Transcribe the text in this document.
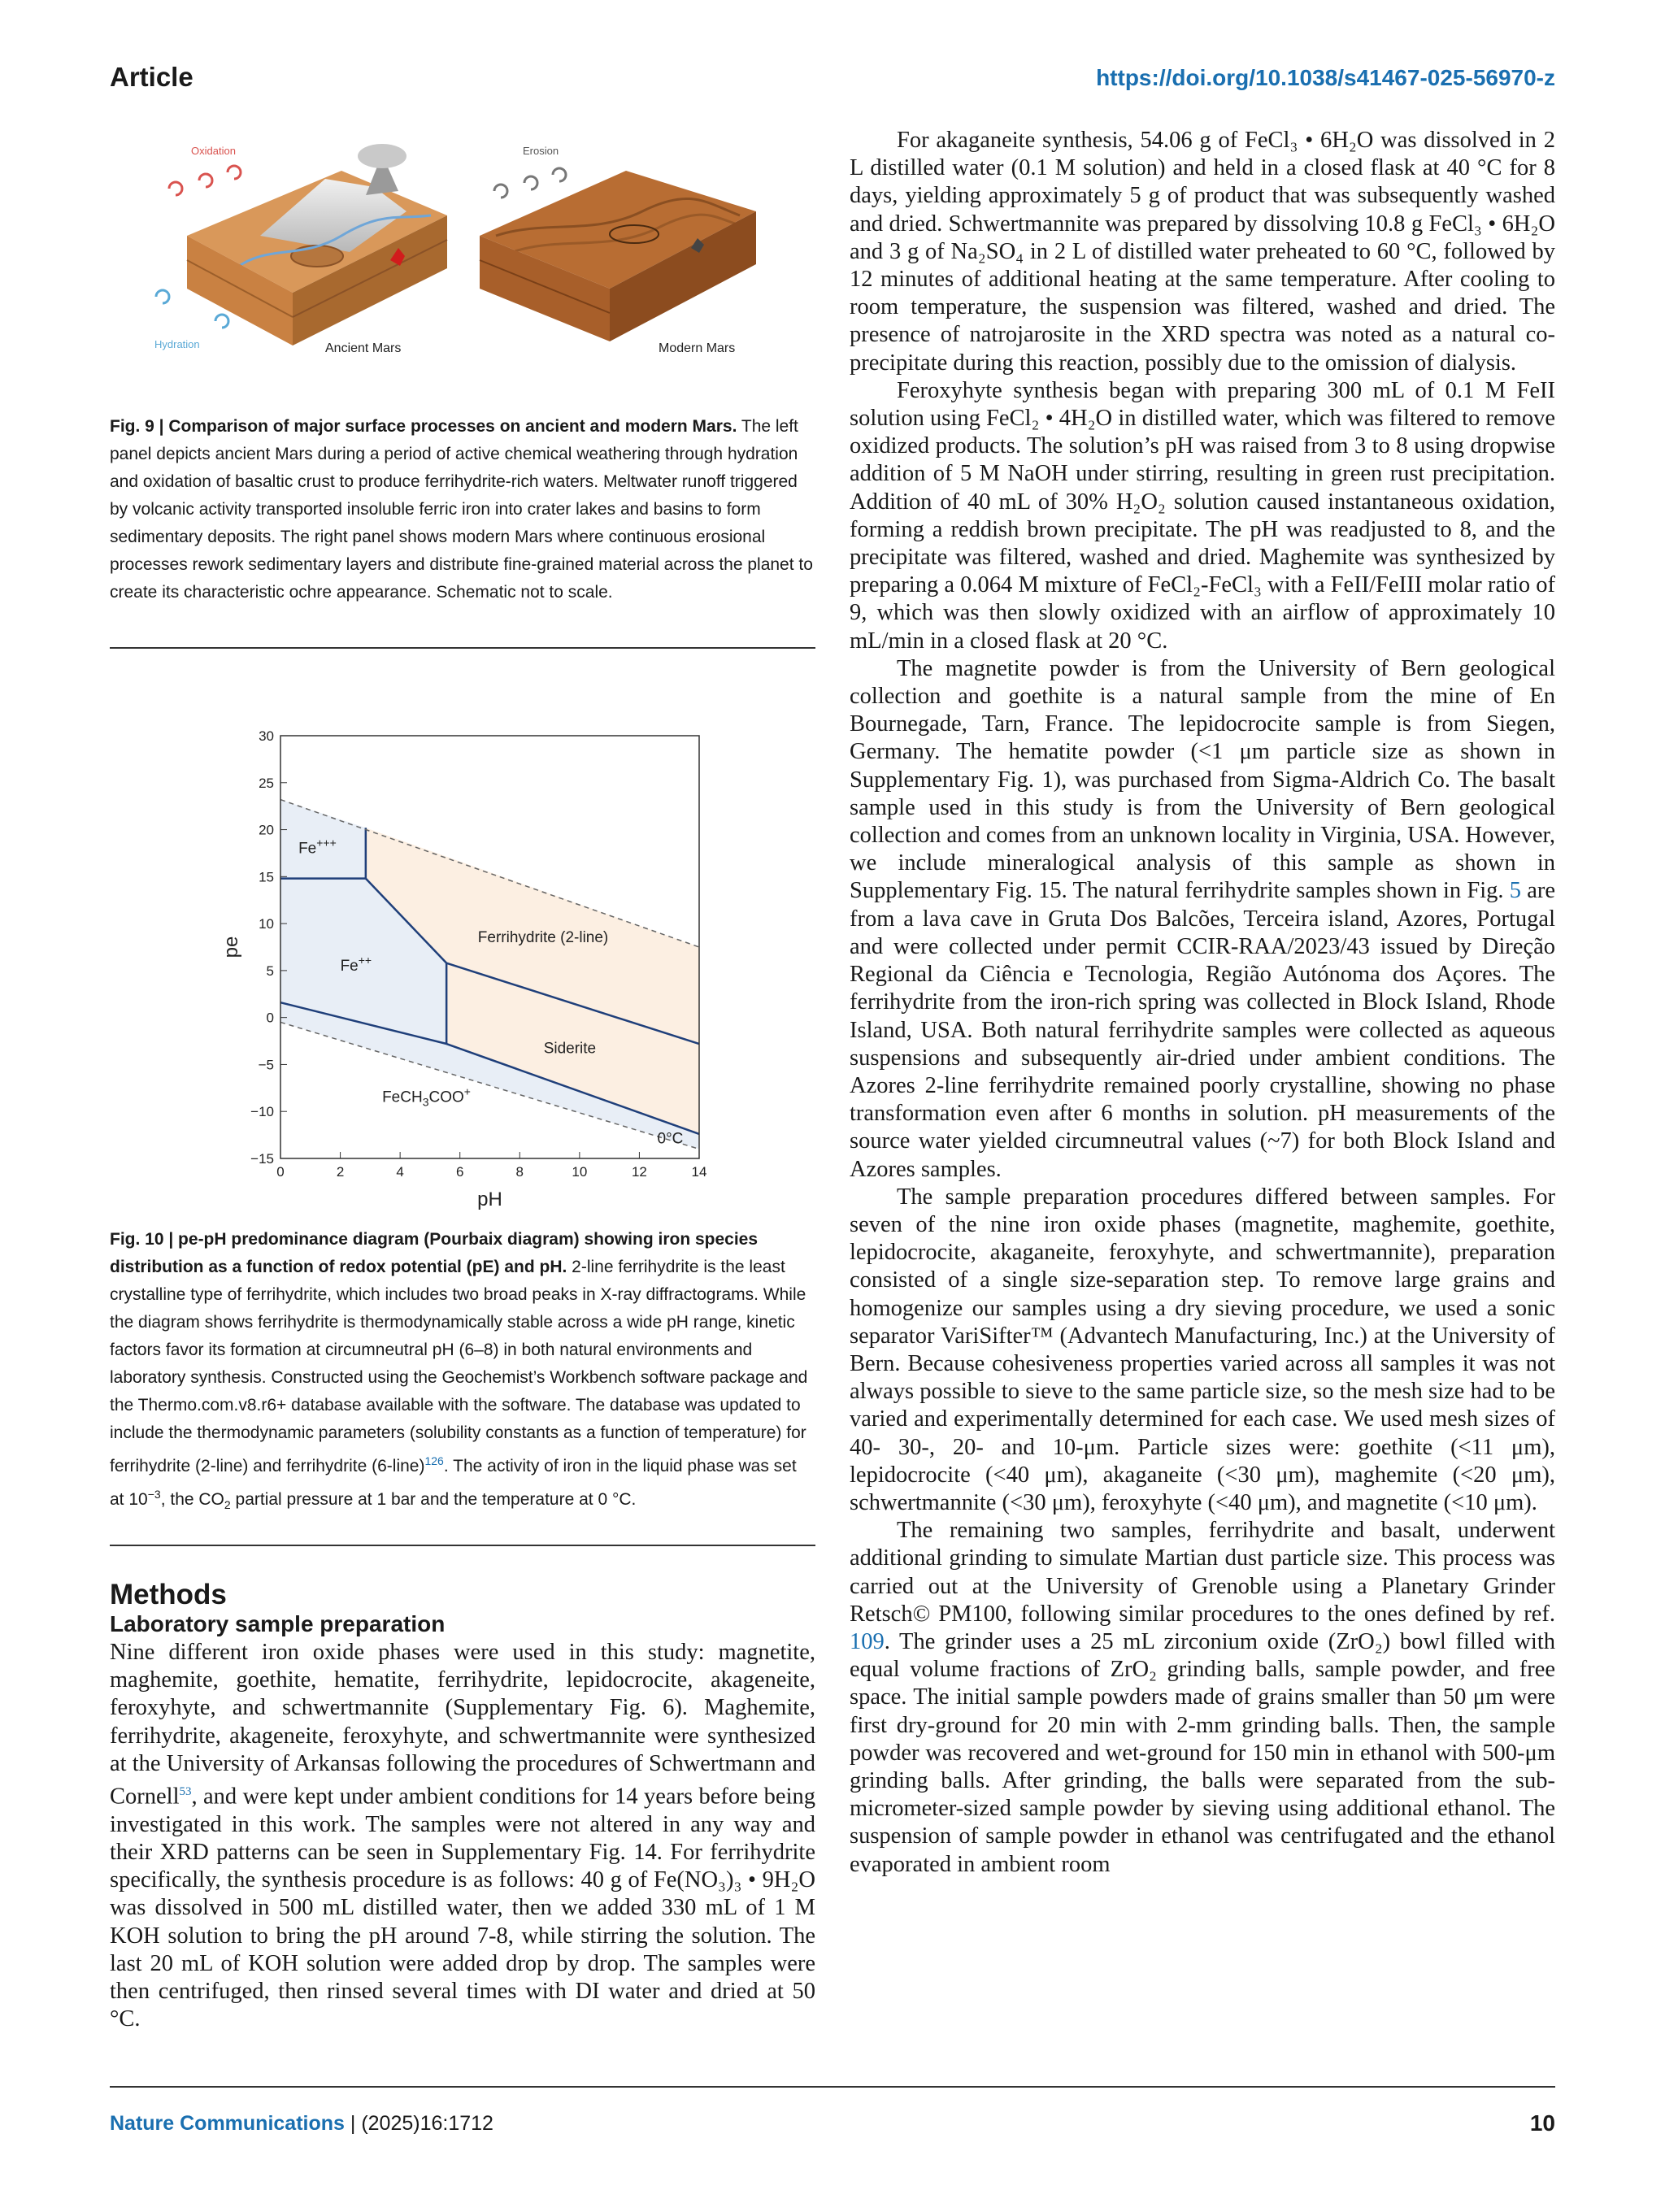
Article	https://doi.org/10.1038/s41467-025-56970-z
Oxidation	Erosion
Hydration	Ancient Mars	Modern Mars

Fig. 9 | Comparison of major surface processes on ancient and modern Mars. The left panel depicts ancient Mars during a period of active chemical weathering through hydration and oxidation of basaltic crust to produce ferrihydrite-rich waters. Meltwater runoff triggered by volcanic activity transported insoluble ferric iron into crater lakes and basins to form sedimentary deposits. The right panel shows modern Mars where continuous erosional processes rework sedimentary layers and distribute fine-grained material across the planet to create its characteristic ochre appearance. Schematic not to scale.

30
25
20
15
10
5
0
−5
−10
−15
0	2	4	6	8	10	12	14
pH
pe
Fe+++
Fe++
Ferrihydrite (2-line)
Siderite
FeCH$_3$COO+
0°C

Fig. 10 | pe-pH predominance diagram (Pourbaix diagram) showing iron species distribution as a function of redox potential (pE) and pH. 2-line ferrihydrite is the least crystalline type of ferrihydrite, which includes two broad peaks in X-ray diffractograms. While the diagram shows ferrihydrite is thermodynamically stable across a wide pH range, kinetic factors favor its formation at circumneutral pH (6–8) in both natural environments and laboratory synthesis. Constructed using the Geochemist’s Workbench software package and the Thermo.com.v8.r6+ database available with the software. The database was updated to include the thermodynamic parameters (solubility constants as a function of temperature) for ferrihydrite (2-line) and ferrihydrite (6-line)$^{126}$. The activity of iron in the liquid phase was set at $10^{-3}$, the $CO_2$ partial pressure at 1 bar and the temperature at 0 °C.

Methods

Laboratory sample preparation

Nine different iron oxide phases were used in this study: magnetite, maghemite, goethite, hematite, ferrihydrite, lepidocrocite, akageneite, feroxyhyte, and schwertmannite (Supplementary Fig. 6). Maghemite, ferrihydrite, akageneite, feroxyhyte, and schwertmannite were synthesized at the University of Arkansas following the procedures of Schwertmann and Cornell$^{53}$, and were kept under ambient conditions for 14 years before being investigated in this work. The samples were not altered in any way and their XRD patterns can be seen in Supplementary Fig. 14. For ferrihydrite specifically, the synthesis procedure is as follows: 40 g of Fe(NO₃)₃ • 9H₂O was dissolved in 500 mL distilled water, then we added 330 mL of 1 M KOH solution to bring the pH around 7-8, while stirring the solution. The last 20 mL of KOH solution were added drop by drop. The samples were then centrifuged, then rinsed several times with DI water and dried at 50 °C.

For akaganeite synthesis, 54.06 g of FeCl₃ • 6H₂O was dissolved in 2 L distilled water (0.1 M solution) and held in a closed flask at 40 °C for 8 days, yielding approximately 5 g of product that was subsequently washed and dried. Schwertmannite was prepared by dissolving 10.8 g FeCl₃ • 6H₂O and 3 g of Na₂SO₄ in 2 L of distilled water preheated to 60 °C, followed by 12 minutes of additional heating at the same temperature. After cooling to room temperature, the suspension was filtered, washed and dried. The presence of natrojarosite in the XRD spectra was noted as a natural co-precipitate during this reaction, possibly due to the omission of dialysis.

Feroxyhyte synthesis began with preparing 300 mL of 0.1 M FeII solution using FeCl₂ • 4H₂O in distilled water, which was filtered to remove oxidized products. The solution’s pH was raised from 3 to 8 using dropwise addition of 5 M NaOH under stirring, resulting in green rust precipitation. Addition of 40 mL of 30% H₂O₂ solution caused instantaneous oxidation, forming a reddish brown precipitate. The pH was readjusted to 8, and the precipitate was filtered, washed and dried. Maghemite was synthesized by preparing a 0.064 M mixture of FeCl₂-FeCl₃ with a FeII/FeIII molar ratio of 9, which was then slowly oxidized with an airflow of approximately 10 mL/min in a closed flask at 20 °C.

The magnetite powder is from the University of Bern geological collection and goethite is a natural sample from the mine of En Bournegade, Tarn, France. The lepidocrocite sample is from Siegen, Germany. The hematite powder (<1 μm particle size as shown in Supplementary Fig. 1), was purchased from Sigma-Aldrich Co. The basalt sample used in this study is from the University of Bern geological collection and comes from an unknown locality in Virginia, USA. However, we include mineralogical analysis of this sample as shown in Supplementary Fig. 15. The natural ferrihydrite samples shown in Fig. 5 are from a lava cave in Gruta Dos Balcões, Terceira island, Azores, Portugal and were collected under permit CCIR-RAA/2023/43 issued by Direção Regional da Ciência e Tecnologia, Região Autónoma dos Açores. The ferrihydrite from the iron-rich spring was collected in Block Island, Rhode Island, USA. Both natural ferrihydrite samples were collected as aqueous suspensions and subsequently air-dried under ambient conditions. The Azores 2-line ferrihydrite remained poorly crystalline, showing no phase transformation even after 6 months in solution. pH measurements of the source water yielded circumneutral values (~7) for both Block Island and Azores samples.

The sample preparation procedures differed between samples. For seven of the nine iron oxide phases (magnetite, maghemite, goethite, lepidocrocite, akaganeite, feroxyhyte, and schwertmannite), preparation consisted of a single size-separation step. To remove large grains and homogenize our samples using a dry sieving procedure, we used a sonic separator VariSifter™ (Advantech Manufacturing, Inc.) at the University of Bern. Because cohesiveness properties varied across all samples it was not always possible to sieve to the same particle size, so the mesh size had to be varied and experimentally determined for each case. We used mesh sizes of 40- 30-, 20- and 10-μm. Particle sizes were: goethite (<11 μm), lepidocrocite (<40 μm), akaganeite (<30 μm), maghemite (<20 μm), schwertmannite (<30 μm), feroxyhyte (<40 μm), and magnetite (<10 μm).

The remaining two samples, ferrihydrite and basalt, underwent additional grinding to simulate Martian dust particle size. This process was carried out at the University of Grenoble using a Planetary Grinder Retsch© PM100, following similar procedures to the ones defined by ref. 109. The grinder uses a 25 mL zirconium oxide (ZrO₂) bowl filled with equal volume fractions of ZrO₂ grinding balls, sample powder, and free space. The initial sample powders made of grains smaller than 50 μm were first dry-ground for 20 min with 2-mm grinding balls. Then, the sample powder was recovered and wet-ground for 150 min in ethanol with 500-μm grinding balls. After grinding, the balls were separated from the sub-micrometer-sized sample powder by sieving using additional ethanol. The suspension of sample powder in ethanol was centrifugated and the ethanol evaporated in ambient room

Nature Communications | (2025)16:1712	10
